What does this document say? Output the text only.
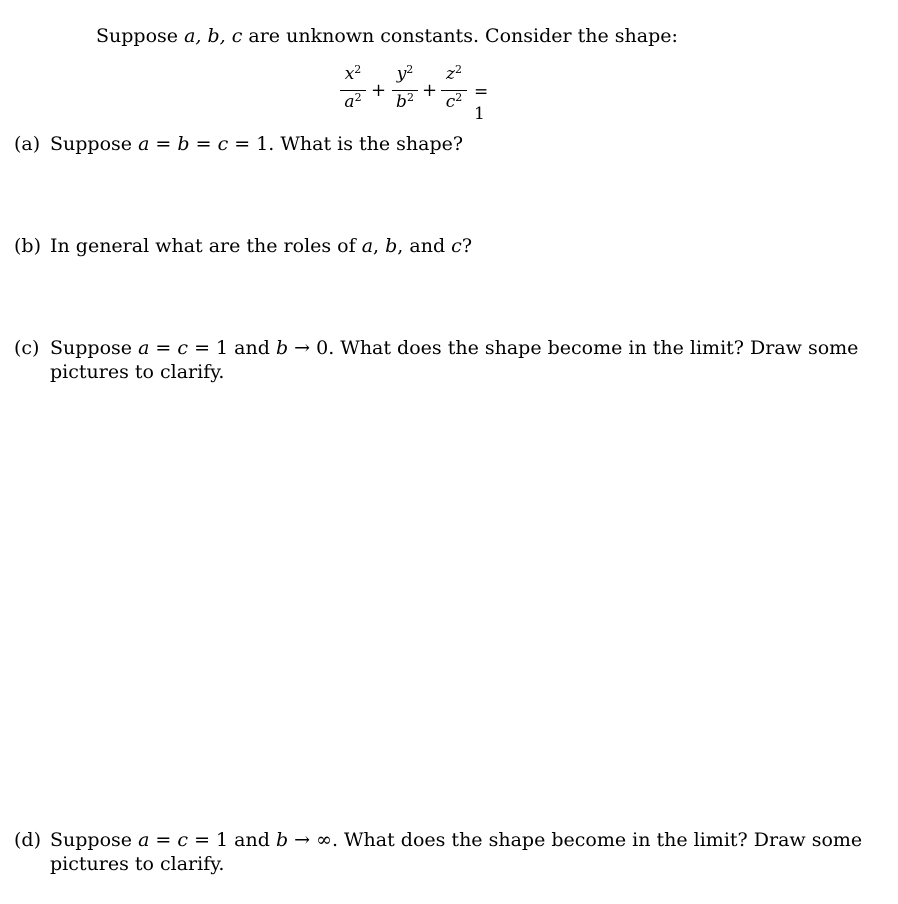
Suppose a, b, c are unknown constants. Consider the shape:
$x^2$
$a^2$ +
$y^2$
$b^2$ +
$z^2$
$c^2 = 1$
(a) Suppose a = b = c = 1. What is the shape?
(b) In general what are the roles of a, b, and c?
(c) Suppose a = c = 1 and b → 0. What does the shape become in the limit? Draw some
pictures to clarify.
(d) Suppose a = c = 1 and b → ∞. What does the shape become in the limit? Draw some
pictures to clarify.
